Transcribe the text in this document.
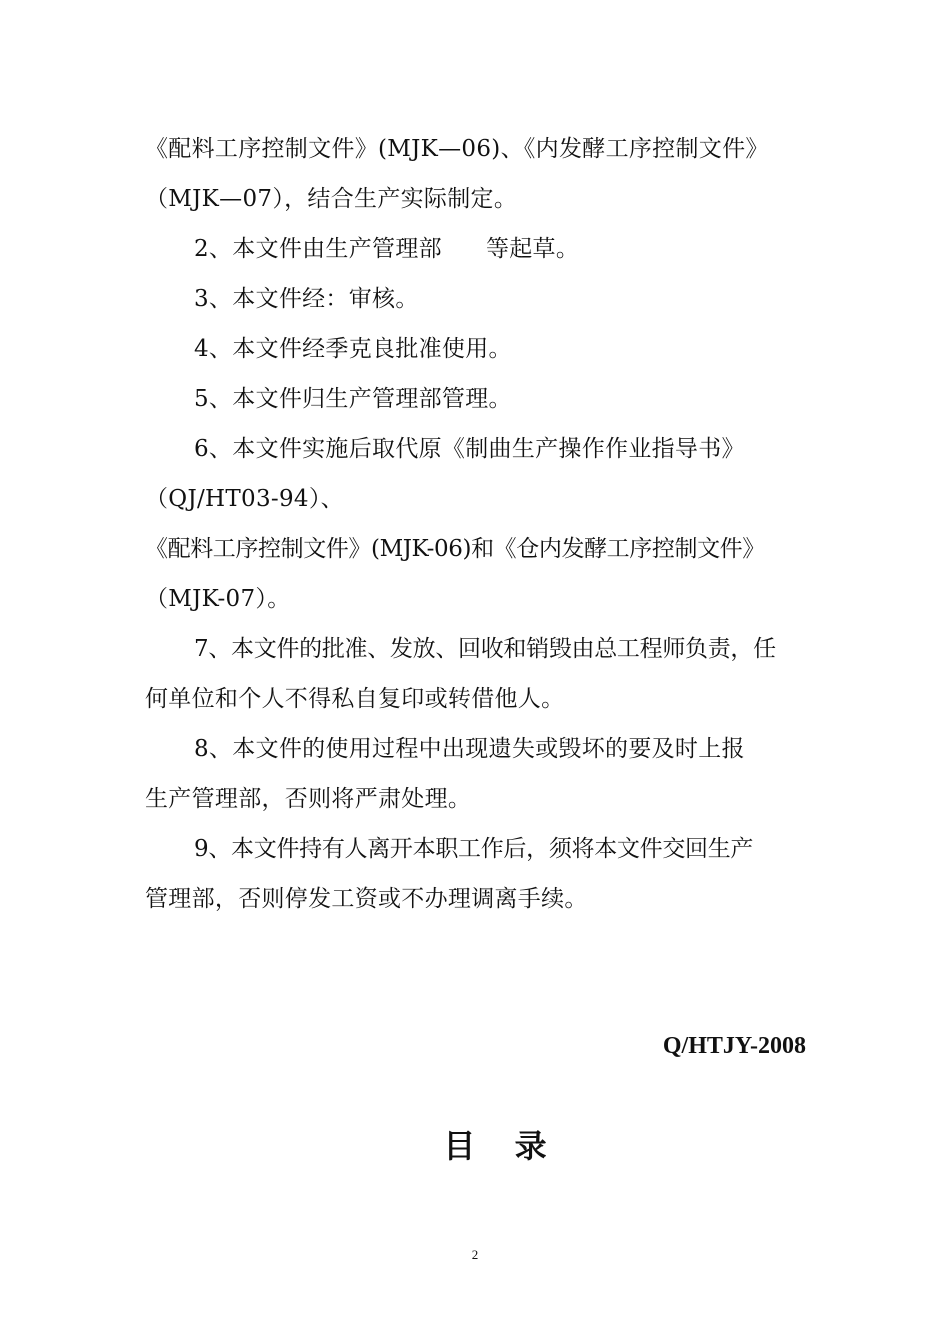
《配料工序控制文件》(MJK—06)、《内发酵工序控制文件》
（MJK—07），结合生产实际制定。
2、本文件由生产管理部 等起草。
3、本文件经：审核。
4、本文件经季克良批准使用。
5、本文件归生产管理部管理。
6、本文件实施后取代原《制曲生产操作作业指导书》
（QJ/HT03-94）、
《配料工序控制文件》(MJK-06)和《仓内发酵工序控制文件》
（MJK-07）。
7、本文件的批准、发放、回收和销毁由总工程师负责，任
何单位和个人不得私自复印或转借他人。
8、本文件的使用过程中出现遗失或毁坏的要及时上报
生产管理部，否则将严肃处理。
9、本文件持有人离开本职工作后，须将本文件交回生产
管理部，否则停发工资或不办理调离手续。
Q/HTJY-2008
目 录
2
